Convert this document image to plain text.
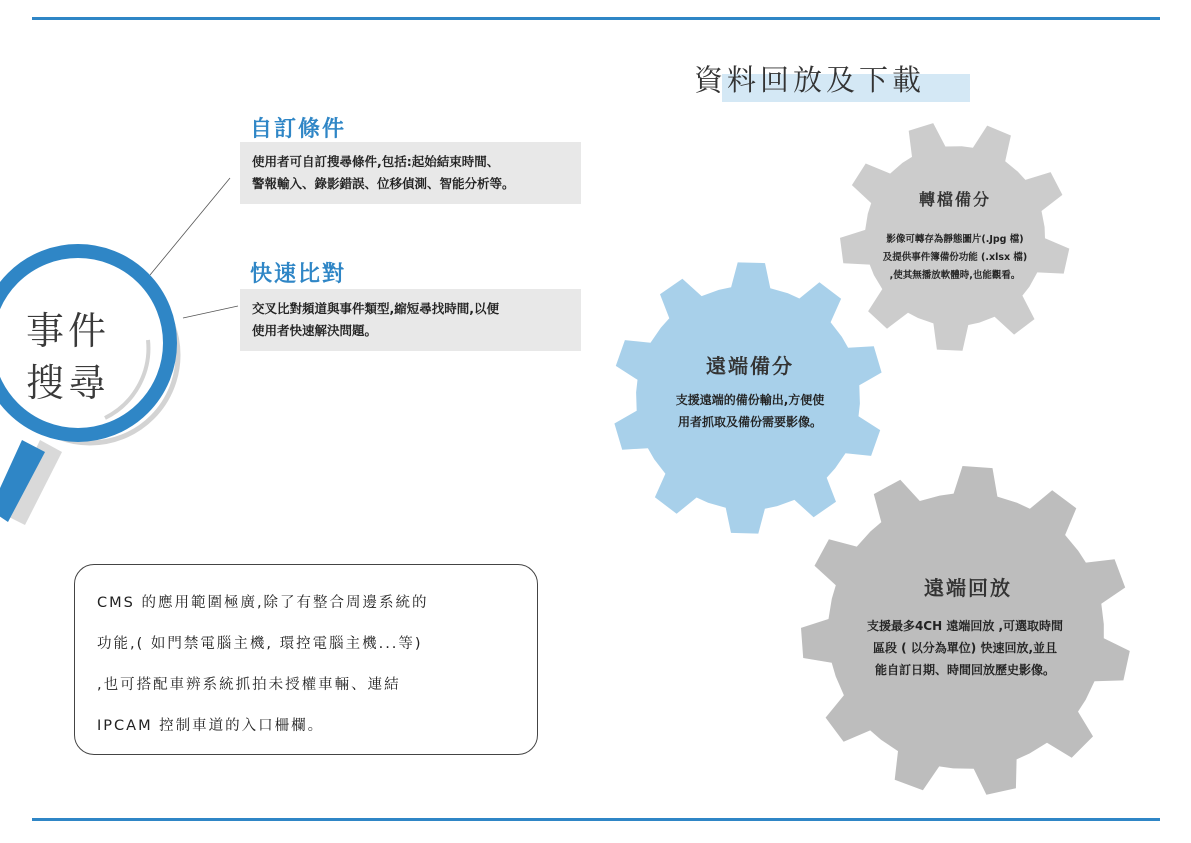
事件
搜尋
自訂條件
使用者可自訂搜尋條件,包括:起始結束時間、
警報輸入、錄影錯誤、位移偵測、智能分析等。
快速比對
交叉比對頻道與事件類型,縮短尋找時間,以便
使用者快速解決問題。
資料回放及下載
轉檔備分
影像可轉存為靜態圖片(.Jpg 檔)
及提供事件簿備份功能 (.xlsx 檔)
,使其無播放軟體時,也能觀看。
遠端備分
支援遠端的備份輸出,方便使
用者抓取及備份需要影像。
遠端回放
支援最多4CH 遠端回放 ,可選取時間
區段 ( 以分為單位) 快速回放,並且
能自訂日期、時間回放歷史影像。
CMS 的應用範圍極廣,除了有整合周邊系統的
功能,( 如門禁電腦主機, 環控電腦主機...等)
,也可搭配車辨系統抓拍未授權車輛、連結
IPCAM 控制車道的入口柵欄。
